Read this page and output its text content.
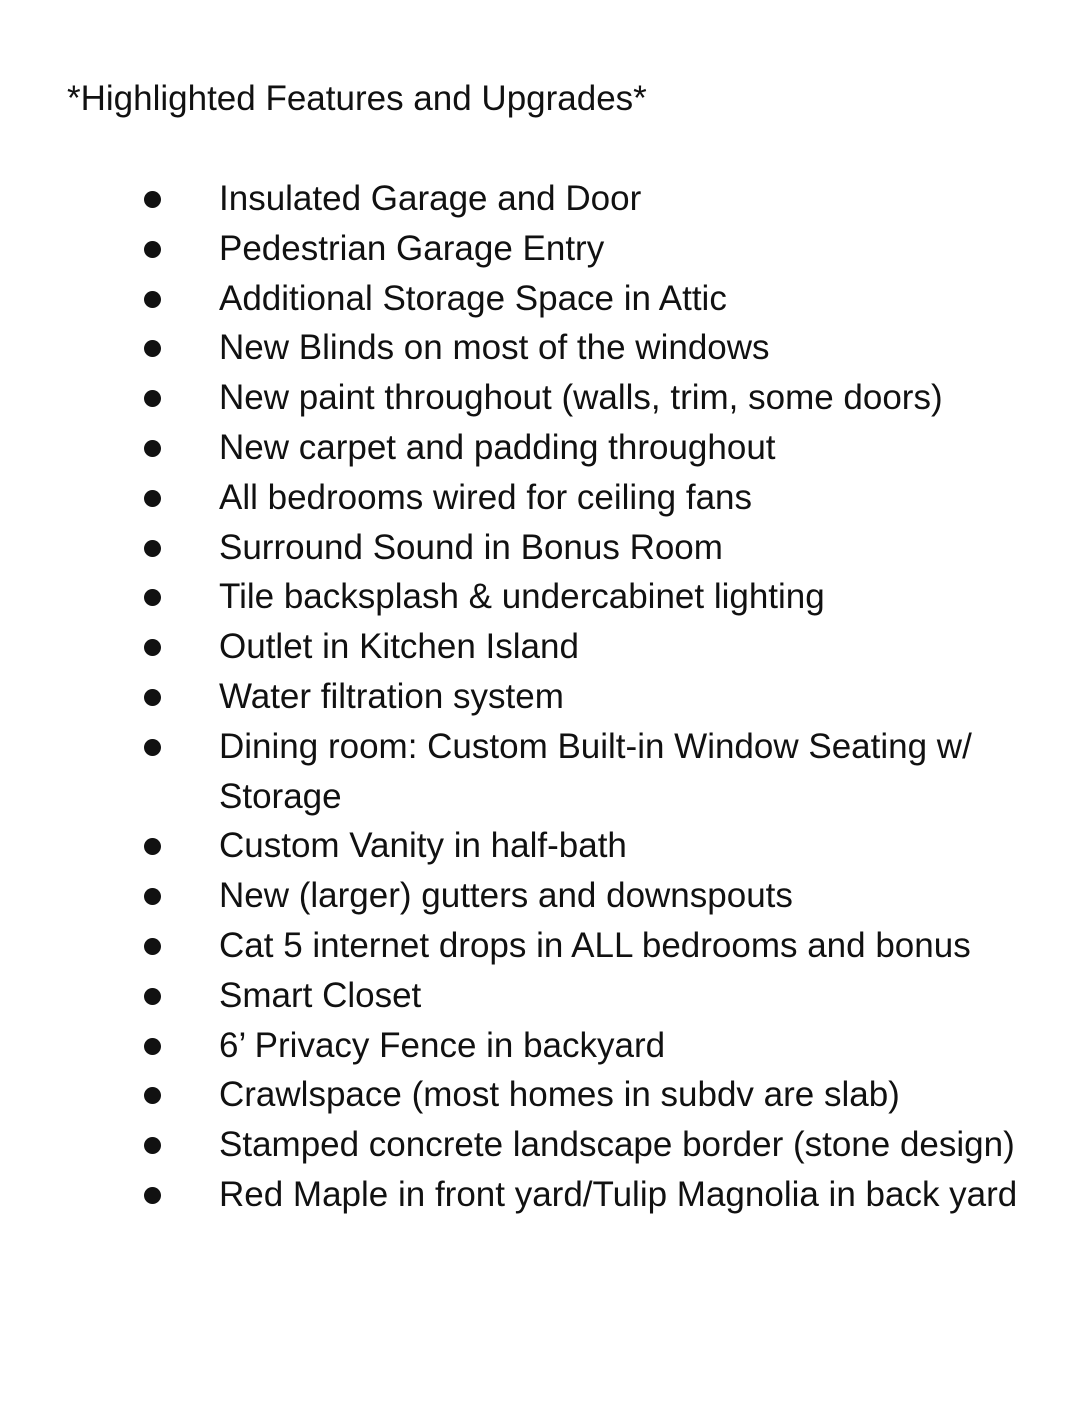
*Highlighted Features and Upgrades*
Insulated Garage and Door
Pedestrian Garage Entry
Additional Storage Space in Attic
New Blinds on most of the windows
New paint throughout (walls, trim, some doors)
New carpet and padding throughout
All bedrooms wired for ceiling fans
Surround Sound in Bonus Room
Tile backsplash & undercabinet lighting
Outlet in Kitchen Island
Water filtration system
Dining room: Custom Built-in Window Seating w/ Storage
Custom Vanity in half-bath
New (larger) gutters and downspouts
Cat 5 internet drops in ALL bedrooms and bonus
Smart Closet
6’ Privacy Fence in backyard
Crawlspace (most homes in subdv are slab)
Stamped concrete landscape border (stone design)
Red Maple in front yard/Tulip Magnolia in back yard
